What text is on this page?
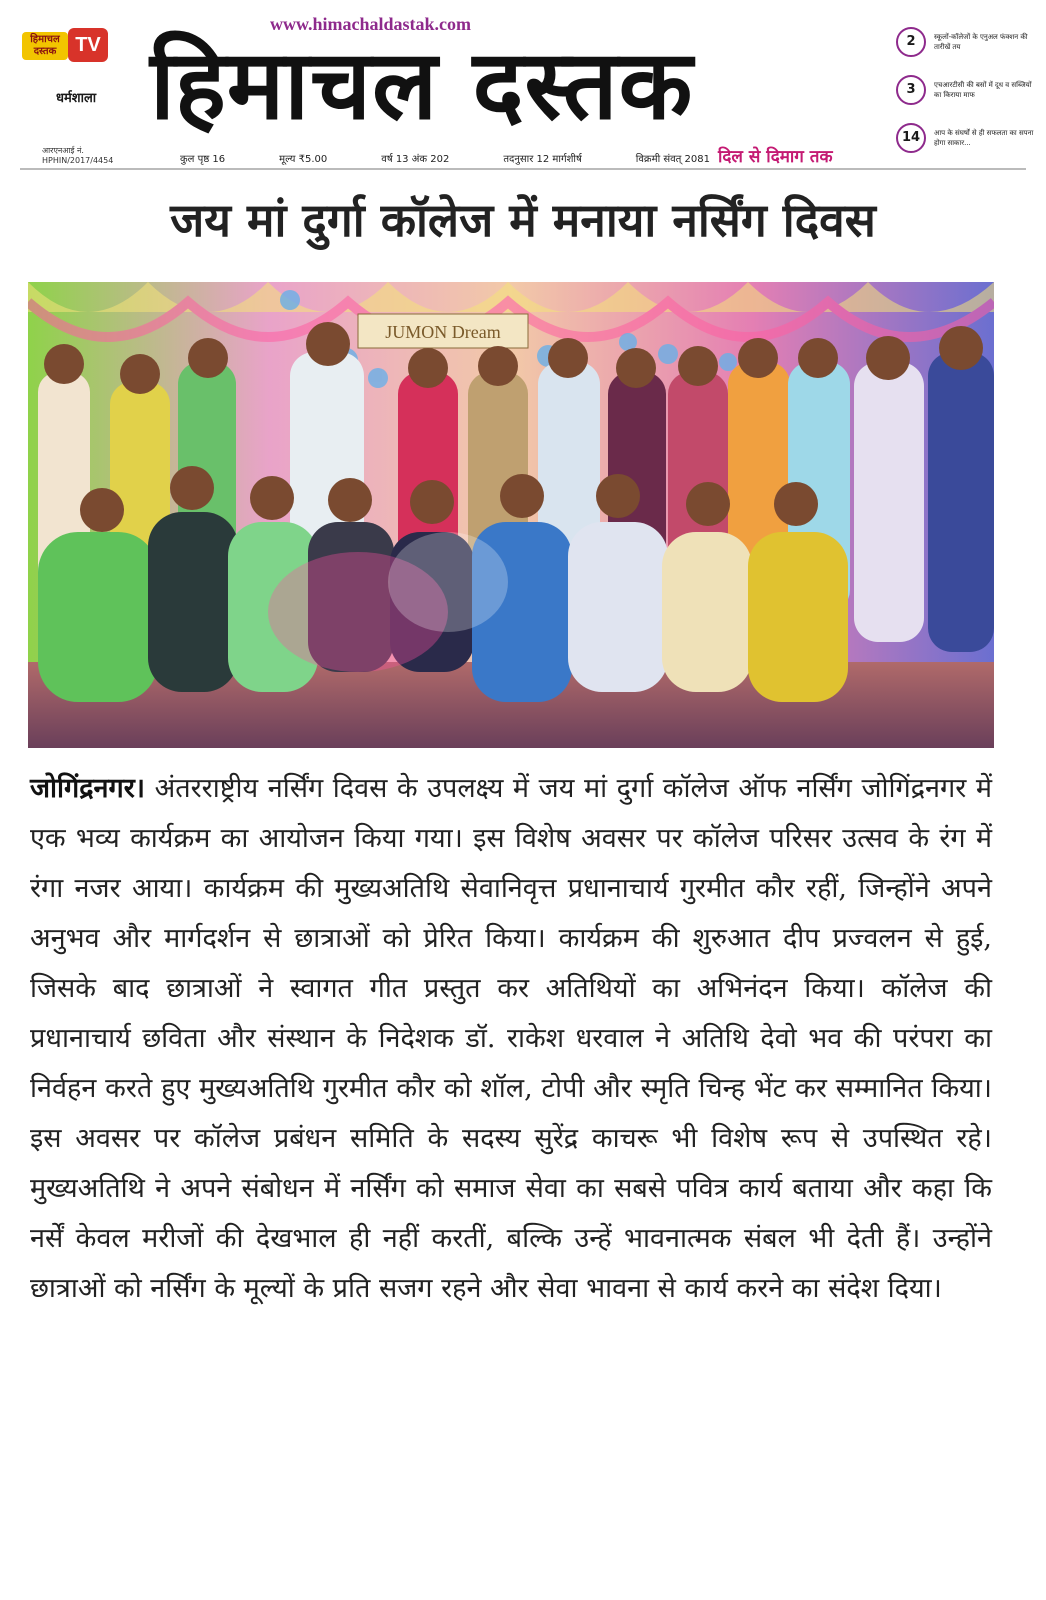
हिमाचल दस्तक TV
धर्मशाला
आरएनआई नं. HPHIN/2017/4454
www.himachaldastak.com
हिमाचल दस्तक
कुल पृष्ठ 16	मूल्य ₹5.00	वर्ष 13 अंक 202	तदनुसार 12 मार्गशीर्ष	विक्रमी संवत् 2081 दिल से दिमाग तक
2	स्कूलों-कॉलेजों के एनुअल फंक्शन की तारीखें तय
3	एचआरटीसी की बसों में दूध व सब्जियों का किराया माफ
14	आप के संघर्षों से ही सफलता का सपना होगा साकार...
जय मां दुर्गा कॉलेज में मनाया नर्सिंग दिवस
JUMON Dream

जोगिंद्रनगर। अंतरराष्ट्रीय नर्सिंग दिवस के उपलक्ष्य में जय मां दुर्गा कॉलेज ऑफ नर्सिंग जोगिंद्रनगर में एक भव्य कार्यक्रम का आयोजन किया गया। इस विशेष अवसर पर कॉलेज परिसर उत्सव के रंग में रंगा नजर आया। कार्यक्रम की मुख्यअतिथि सेवानिवृत्त प्रधानाचार्य गुरमीत कौर रहीं, जिन्होंने अपने अनुभव और मार्गदर्शन से छात्राओं को प्रेरित किया। कार्यक्रम की शुरुआत दीप प्रज्वलन से हुई, जिसके बाद छात्राओं ने स्वागत गीत प्रस्तुत कर अतिथियों का अभिनंदन किया। कॉलेज की प्रधानाचार्य छविता और संस्थान के निदेशक डॉ. राकेश धरवाल ने अतिथि देवो भव की परंपरा का निर्वहन करते हुए मुख्यअतिथि गुरमीत कौर को शॉल, टोपी और स्मृति चिन्ह भेंट कर सम्मानित किया। इस अवसर पर कॉलेज प्रबंधन समिति के सदस्य सुरेंद्र काचरू भी विशेष रूप से उपस्थित रहे। मुख्यअतिथि ने अपने संबोधन में नर्सिंग को समाज सेवा का सबसे पवित्र कार्य बताया और कहा कि नर्सें केवल मरीजों की देखभाल ही नहीं करतीं, बल्कि उन्हें भावनात्मक संबल भी देती हैं। उन्होंने छात्राओं को नर्सिंग के मूल्यों के प्रति सजग रहने और सेवा भावना से कार्य करने का संदेश दिया।
